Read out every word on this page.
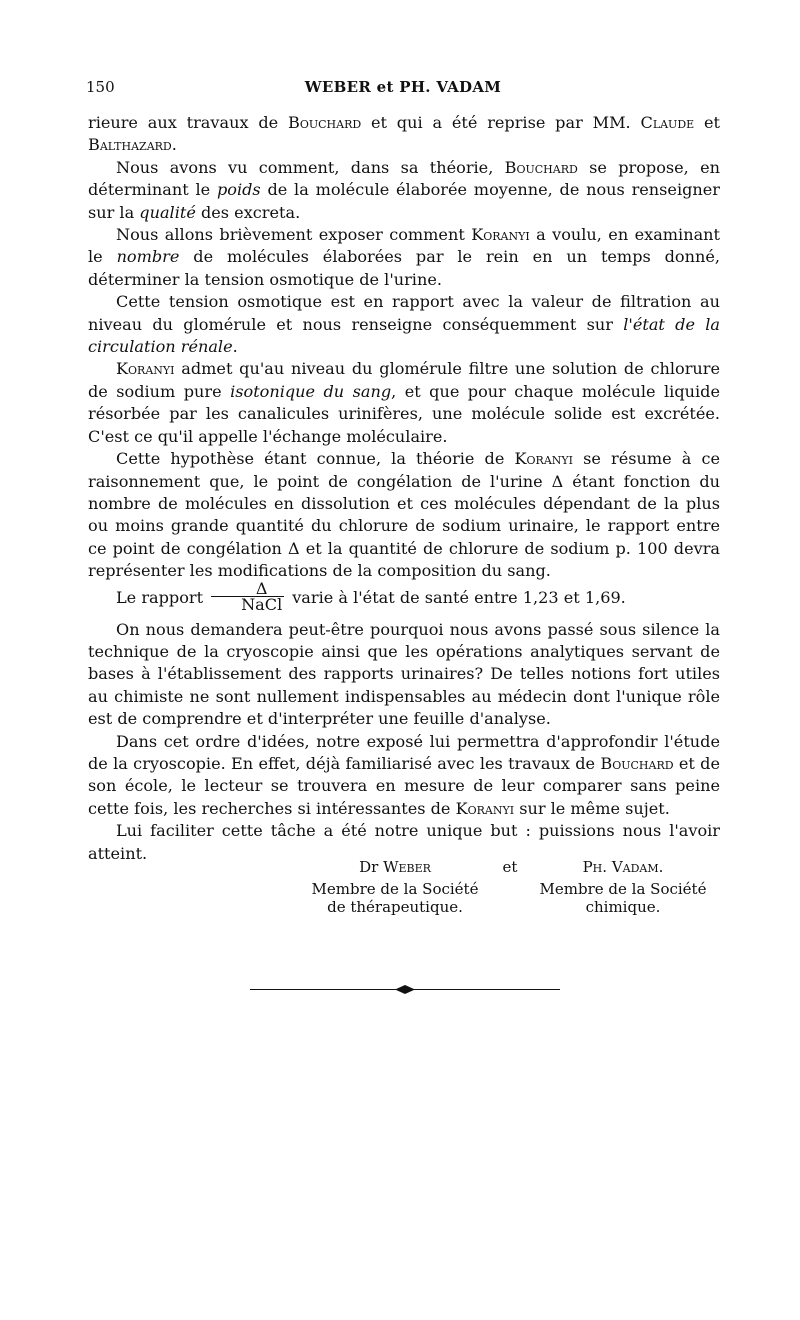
150	WEBER et PH. VADAM

rieure aux travaux de Bouchard et qui a été reprise par MM. Claude et Balthazard.

Nous avons vu comment, dans sa théorie, Bouchard se propose, en déterminant le poids de la molécule élaborée moyenne, de nous renseigner sur la qualité des excreta.

Nous allons brièvement exposer comment Koranyi a voulu, en examinant le nombre de molécules élaborées par le rein en un temps donné, déterminer la tension osmotique de l'urine.

Cette tension osmotique est en rapport avec la valeur de filtration au niveau du glomérule et nous renseigne conséquemment sur l'état de la circulation rénale.

Koranyi admet qu'au niveau du glomérule filtre une solution de chlorure de sodium pure isotonique du sang, et que pour chaque molécule liquide résorbée par les canalicules urinifères, une molécule solide est excrétée. C'est ce qu'il appelle l'échange moléculaire.

Cette hypothèse étant connue, la théorie de Koranyi se résume à ce raisonnement que, le point de congélation de l'urine Δ étant fonction du nombre de molécules en dissolution et ces molécules dépendant de la plus ou moins grande quantité du chlorure de sodium urinaire, le rapport entre ce point de congélation Δ et la quantité de chlorure de sodium p. 100 devra représenter les modifications de la composition du sang.

Le rapport $\frac{\Delta}{\text{NaCl}}$ varie à l'état de santé entre 1,23 et 1,69.

On nous demandera peut-être pourquoi nous avons passé sous silence la technique de la cryoscopie ainsi que les opérations analytiques servant de bases à l'établissement des rapports urinaires? De telles notions fort utiles au chimiste ne sont nullement indispensables au médecin dont l'unique rôle est de comprendre et d'interpréter une feuille d'analyse.

Dans cet ordre d'idées, notre exposé lui permettra d'approfondir l'étude de la cryoscopie. En effet, déjà familiarisé avec les travaux de Bouchard et de son école, le lecteur se trouvera en mesure de leur comparer sans peine cette fois, les recherches si intéressantes de Koranyi sur le même sujet.

Lui faciliter cette tâche a été notre unique but : puissions nous l'avoir atteint.

Dr Weber
Membre de la Société
de thérapeutique.
et	Ph. Vadam.
Membre de la Société
chimique.
